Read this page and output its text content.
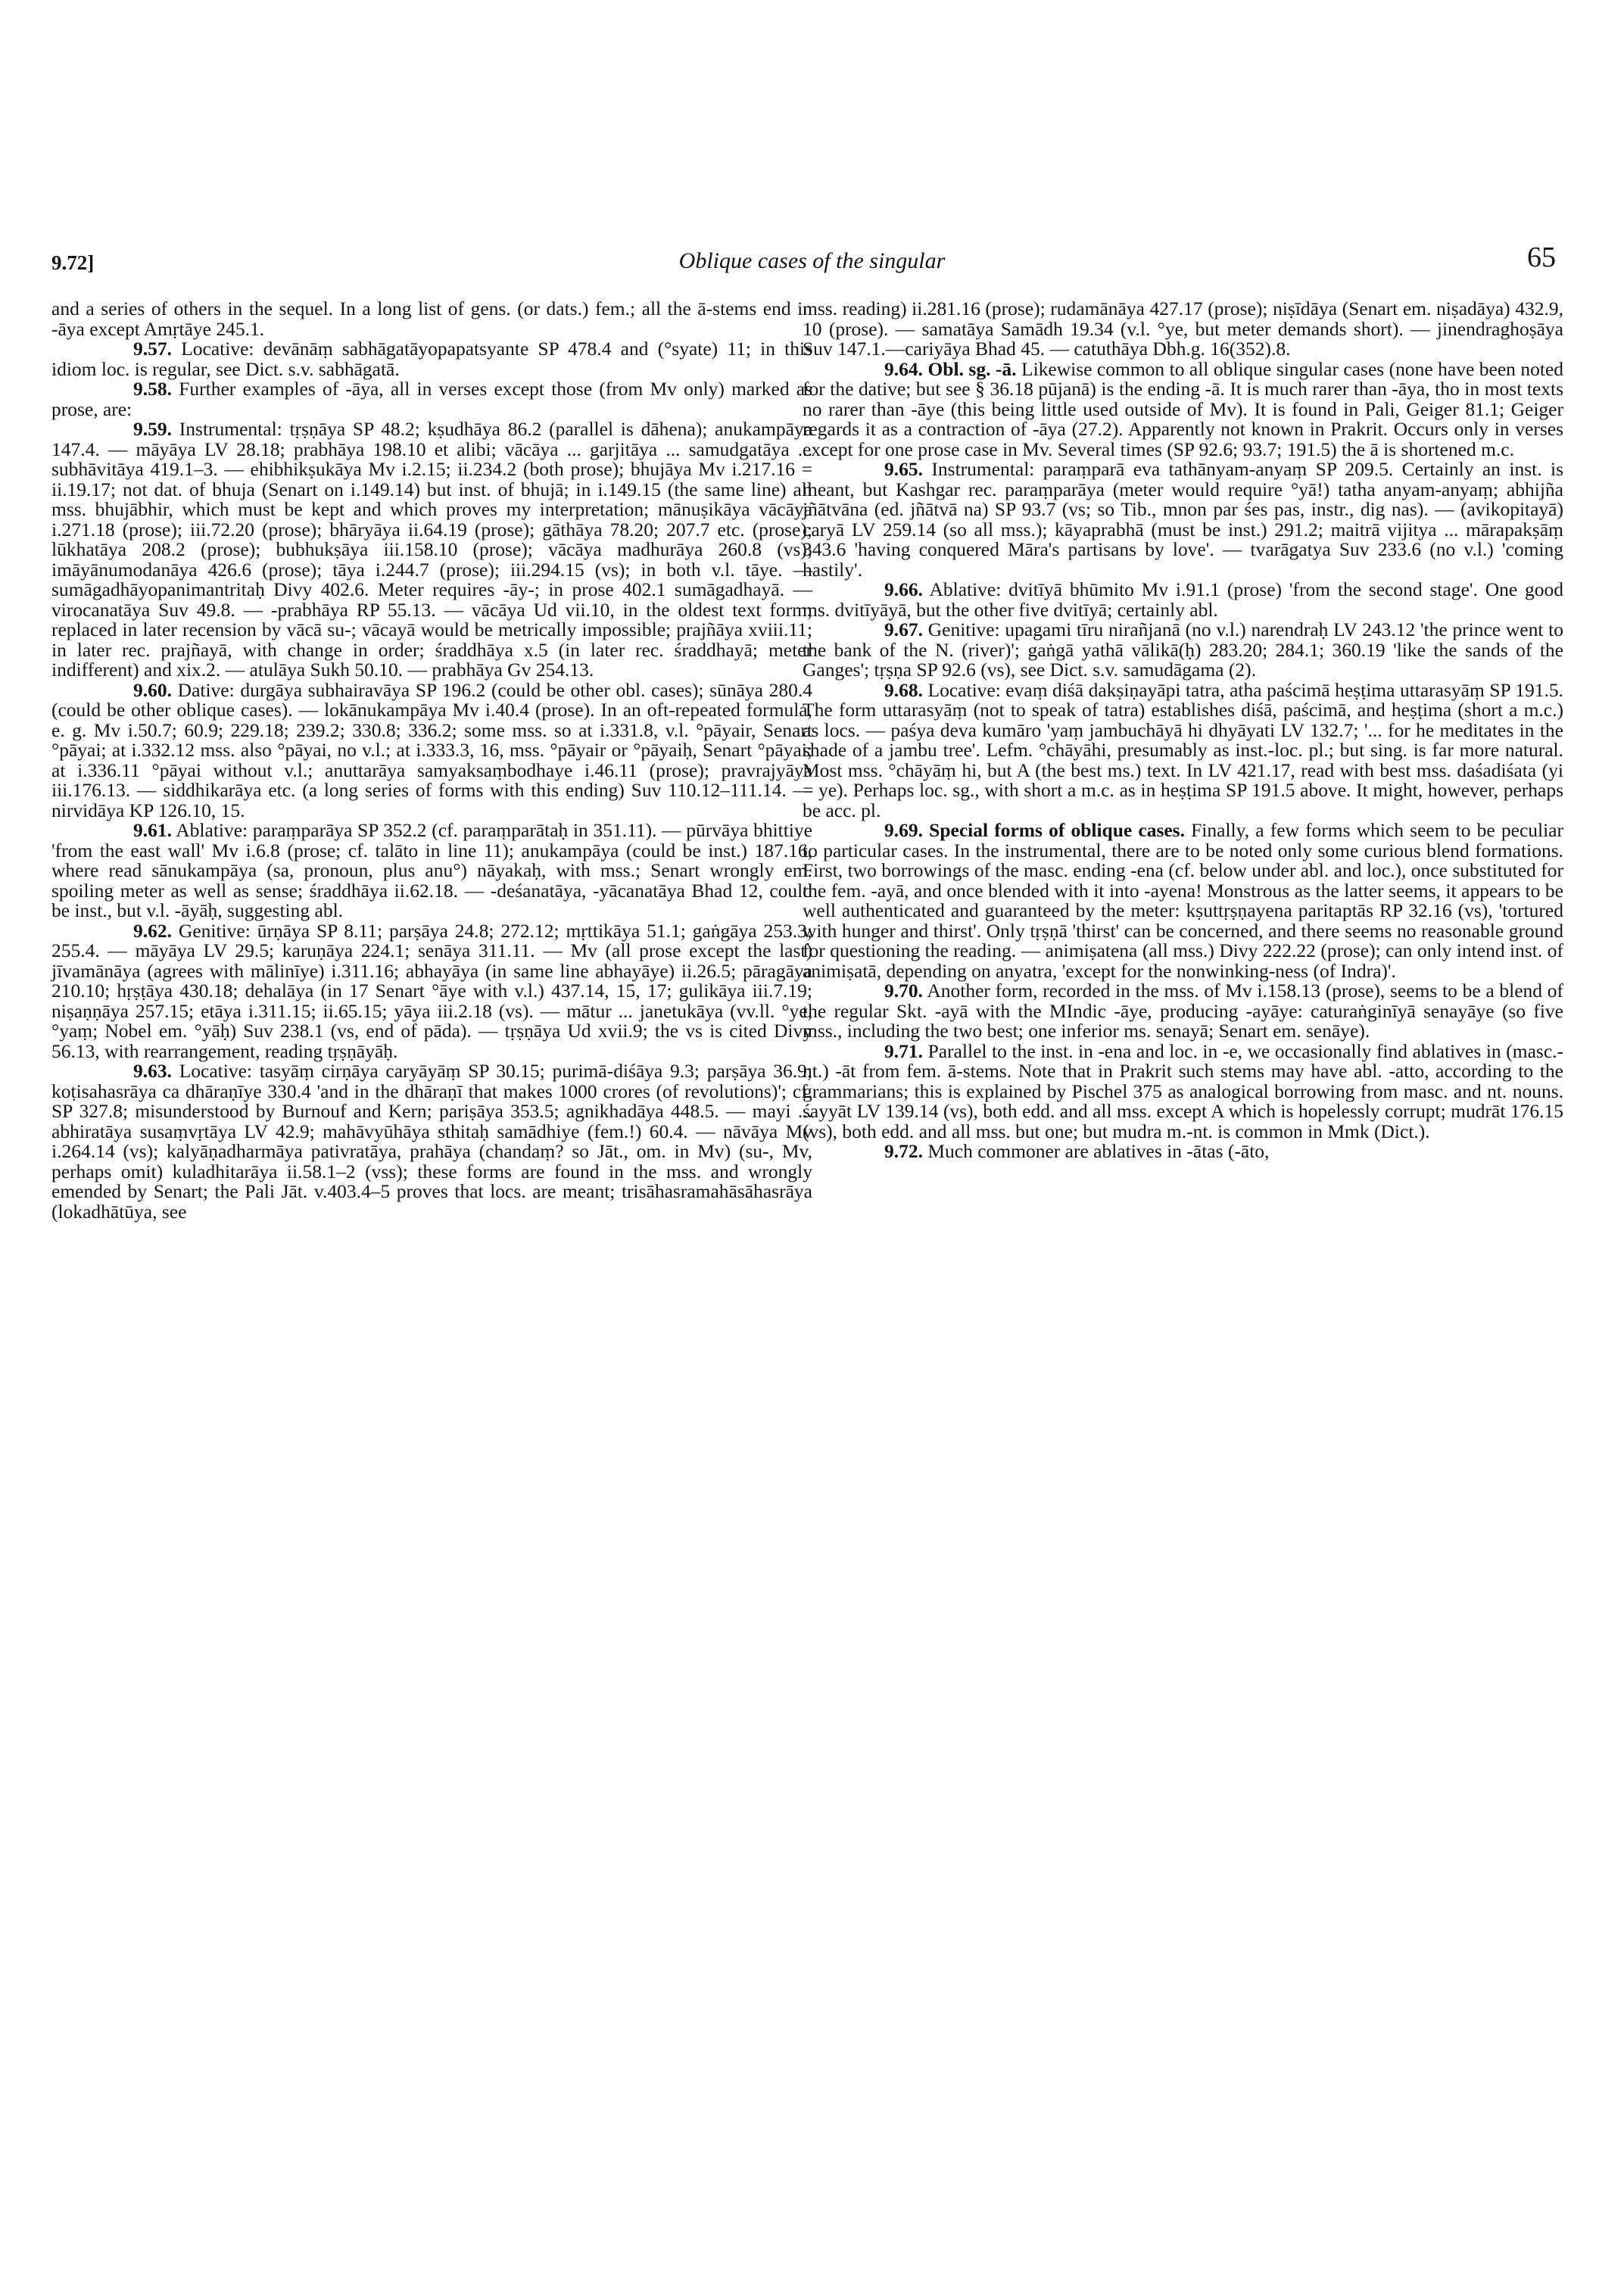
9.72]	Oblique cases of the singular	65

and a series of others in the sequel. In a long list of gens. (or dats.) fem.; all the ā-stems end in -āya except Amṛtāye 245.1.

9.57. Locative: devānāṃ sabhāgatāyopapatsyante SP 478.4 and (°syate) 11; in this idiom loc. is regular, see Dict. s.v. sabhāgatā.

9.58. Further examples of -āya, all in verses except those (from Mv only) marked as prose, are:

9.59. Instrumental: tṛṣṇāya SP 48.2; kṣudhāya 86.2 (parallel is dāhena); anukampāya 147.4. — māyāya LV 28.18; prabhāya 198.10 et alibi; vācāya ... garjitāya ... samudgatāya ... subhāvitāya 419.1–3. — ehibhikṣukāya Mv i.2.15; ii.234.2 (both prose); bhujāya Mv i.217.16 = ii.19.17; not dat. of bhuja (Senart on i.149.14) but inst. of bhujā; in i.149.15 (the same line) all mss. bhujābhir, which must be kept and which proves my interpretation; mānuṣikāya vācāya i.271.18 (prose); iii.72.20 (prose); bhāryāya ii.64.19 (prose); gāthāya 78.20; 207.7 etc. (prose); lūkhatāya 208.2 (prose); bubhukṣāya iii.158.10 (prose); vācāya madhurāya 260.8 (vs); imāyānumodanāya 426.6 (prose); tāya i.244.7 (prose); iii.294.15 (vs); in both v.l. tāye. — sumāgadhāyopanimantritaḥ Divy 402.6. Meter requires -āy-; in prose 402.1 sumāgadhayā. — virocanatāya Suv 49.8. — -prabhāya RP 55.13. — vācāya Ud vii.10, in the oldest text form; replaced in later recension by vācā su-; vācayā would be metrically impossible; prajñāya xviii.11; in later rec. prajñayā, with change in order; śraddhāya x.5 (in later rec. śraddhayā; meter indifferent) and xix.2. — atulāya Sukh 50.10. — prabhāya Gv 254.13.

9.60. Dative: durgāya subhairavāya SP 196.2 (could be other obl. cases); sūnāya 280.4 (could be other oblique cases). — lokānukampāya Mv i.40.4 (prose). In an oft-repeated formula, e. g. Mv i.50.7; 60.9; 229.18; 239.2; 330.8; 336.2; some mss. so at i.331.8, v.l. °pāyair, Senart °pāyai; at i.332.12 mss. also °pāyai, no v.l.; at i.333.3, 16, mss. °pāyair or °pāyaiḥ, Senart °pāyai; at i.336.11 °pāyai without v.l.; anuttarāya samyaksaṃbodhaye i.46.11 (prose); pravrajyāya iii.176.13. — siddhikarāya etc. (a long series of forms with this ending) Suv 110.12–111.14. — nirvidāya KP 126.10, 15.

9.61. Ablative: paraṃparāya SP 352.2 (cf. paraṃparātaḥ in 351.11). — pūrvāya bhittiye 'from the east wall' Mv i.6.8 (prose; cf. talāto in line 11); anukampāya (could be inst.) 187.16, where read sānukampāya (sa, pronoun, plus anu°) nāyakaḥ, with mss.; Senart wrongly em. spoiling meter as well as sense; śraddhāya ii.62.18. — -deśanatāya, -yācanatāya Bhad 12, could be inst., but v.l. -āyāḥ, suggesting abl.

9.62. Genitive: ūrṇāya SP 8.11; parṣāya 24.8; 272.12; mṛttikāya 51.1; gaṅgāya 253.3; 255.4. — māyāya LV 29.5; karuṇāya 224.1; senāya 311.11. — Mv (all prose except the last) jīvamānāya (agrees with mālinīye) i.311.16; abhayāya (in same line abhayāye) ii.26.5; pāragāya 210.10; hṛṣṭāya 430.18; dehalāya (in 17 Senart °āye with v.l.) 437.14, 15, 17; gulikāya iii.7.19; niṣaṇṇāya 257.15; etāya i.311.15; ii.65.15; yāya iii.2.18 (vs). — mātur ... janetukāya (vv.ll. °ye, °yaṃ; Nobel em. °yāḥ) Suv 238.1 (vs, end of pāda). — tṛṣṇāya Ud xvii.9; the vs is cited Divy 56.13, with rearrangement, reading tṛṣṇāyāḥ.

9.63. Locative: tasyāṃ cirṇāya caryāyāṃ SP 30.15; purimā-diśāya 9.3; parṣāya 36.9; koṭisahasrāya ca dhāraṇīye 330.4 'and in the dhāraṇī that makes 1000 crores (of revolutions)'; cf. SP 327.8; misunderstood by Burnouf and Kern; pariṣāya 353.5; agnikhadāya 448.5. — mayi ... abhiratāya susaṃvṛtāya LV 42.9; mahāvyūhāya sthitaḥ samādhiye (fem.!) 60.4. — nāvāya Mv i.264.14 (vs); kalyāṇadharmāya pativratāya, prahāya (chandaṃ? so Jāt., om. in Mv) (su-, Mv, perhaps omit) kuladhitarāya ii.58.1–2 (vss); these forms are found in the mss. and wrongly emended by Senart; the Pali Jāt. v.403.4–5 proves that locs. are meant; trisāhasramahāsāhasrāya (lokadhātūya, see

mss. reading) ii.281.16 (prose); rudamānāya 427.17 (prose); niṣīdāya (Senart em. niṣadāya) 432.9, 10 (prose). — samatāya Samādh 19.34 (v.l. °ye, but meter demands short). — jinendraghoṣāya Suv 147.1.—cariyāya Bhad 45. — catuthāya Dbh.g. 16(352).8.

9.64. Obl. sg. -ā. Likewise common to all oblique singular cases (none have been noted for the dative; but see § 36.18 pūjanā) is the ending -ā. It is much rarer than -āya, tho in most texts no rarer than -āye (this being little used outside of Mv). It is found in Pali, Geiger 81.1; Geiger regards it as a contraction of -āya (27.2). Apparently not known in Prakrit. Occurs only in verses except for one prose case in Mv. Several times (SP 92.6; 93.7; 191.5) the ā is shortened m.c.

9.65. Instrumental: paraṃparā eva tathānyam-anyaṃ SP 209.5. Certainly an inst. is meant, but Kashgar rec. paraṃparāya (meter would require °yā!) tatha anyam-anyaṃ; abhijña jñātvāna (ed. jñātvā na) SP 93.7 (vs; so Tib., mnon par śes pas, instr., dig nas). — (avikopitayā) caryā LV 259.14 (so all mss.); kāyaprabhā (must be inst.) 291.2; maitrā vijitya ... mārapakṣāṃ 343.6 'having conquered Māra's partisans by love'. — tvarāgatya Suv 233.6 (no v.l.) 'coming hastily'.

9.66. Ablative: dvitīyā bhūmito Mv i.91.1 (prose) 'from the second stage'. One good ms. dvitīyāyā, but the other five dvitīyā; certainly abl.

9.67. Genitive: upagami tīru nirañjanā (no v.l.) narendraḥ LV 243.12 'the prince went to the bank of the N. (river)'; gaṅgā yathā vālikā(ḥ) 283.20; 284.1; 360.19 'like the sands of the Ganges'; tṛṣṇa SP 92.6 (vs), see Dict. s.v. samudāgama (2).

9.68. Locative: evaṃ diśā dakṣiṇayāpi tatra, atha paścimā heṣṭima uttarasyāṃ SP 191.5. The form uttarasyāṃ (not to speak of tatra) establishes diśā, paścimā, and heṣṭima (short a m.c.) as locs. — paśya deva kumāro 'yaṃ jambuchāyā hi dhyāyati LV 132.7; '... for he meditates in the shade of a jambu tree'. Lefm. °chāyāhi, presumably as inst.-loc. pl.; but sing. is far more natural. Most mss. °chāyāṃ hi, but A (the best ms.) text. In LV 421.17, read with best mss. daśadiśata (yi = ye). Perhaps loc. sg., with short a m.c. as in heṣṭima SP 191.5 above. It might, however, perhaps be acc. pl.

9.69. Special forms of oblique cases. Finally, a few forms which seem to be peculiar to particular cases. In the instrumental, there are to be noted only some curious blend formations. First, two borrowings of the masc. ending -ena (cf. below under abl. and loc.), once substituted for the fem. -ayā, and once blended with it into -ayena! Monstrous as the latter seems, it appears to be well authenticated and guaranteed by the meter: kṣuttṛṣṇayena paritaptās RP 32.16 (vs), 'tortured with hunger and thirst'. Only tṛṣṇā 'thirst' can be concerned, and there seems no reasonable ground for questioning the reading. — animiṣatena (all mss.) Divy 222.22 (prose); can only intend inst. of animiṣatā, depending on anyatra, 'except for the nonwinking-ness (of Indra)'.

9.70. Another form, recorded in the mss. of Mv i.158.13 (prose), seems to be a blend of the regular Skt. -ayā with the MIndic -āye, producing -ayāye: caturaṅginīyā senayāye (so five mss., including the two best; one inferior ms. senayā; Senart em. senāye).

9.71. Parallel to the inst. in -ena and loc. in -e, we occasionally find ablatives in (masc.-nt.) -āt from fem. ā-stems. Note that in Prakrit such stems may have abl. -atto, according to the grammarians; this is explained by Pischel 375 as analogical borrowing from masc. and nt. nouns. śayyāt LV 139.14 (vs), both edd. and all mss. except A which is hopelessly corrupt; mudrāt 176.15 (vs), both edd. and all mss. but one; but mudra m.-nt. is common in Mmk (Dict.).

9.72. Much commoner are ablatives in -ātas (-āto,
